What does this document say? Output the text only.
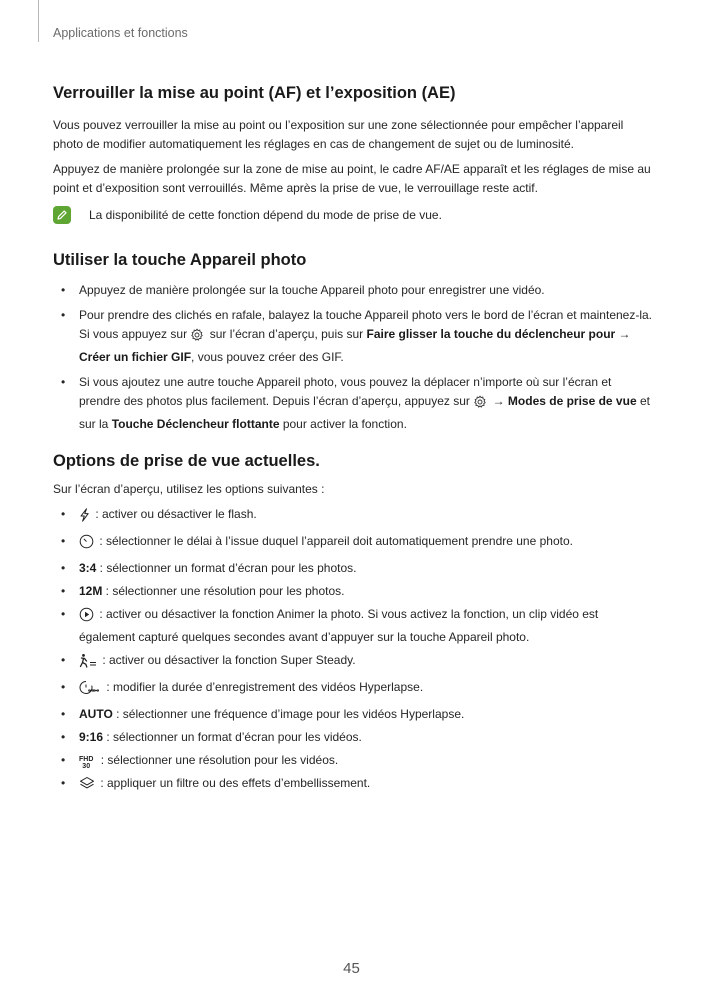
Applications et fonctions
Verrouiller la mise au point (AF) et l’exposition (AE)

Vous pouvez verrouiller la mise au point ou l’exposition sur une zone sélectionnée pour empêcher l’appareil photo de modifier automatiquement les réglages en cas de changement de sujet ou de luminosité.

Appuyez de manière prolongée sur la zone de mise au point, le cadre AF/AE apparaît et les réglages de mise au point et d’exposition sont verrouillés. Même après la prise de vue, le verrouillage reste actif.

La disponibilité de cette fonction dépend du mode de prise de vue.
Utiliser la touche Appareil photo
• Appuyez de manière prolongée sur la touche Appareil photo pour enregistrer une vidéo.
• Pour prendre des clichés en rafale, balayez la touche Appareil photo vers le bord de l’écran et maintenez-la. Si vous appuyez sur  sur l’écran d’aperçu, puis sur Faire glisser la touche du déclencheur pour → Créer un fichier GIF, vous pouvez créer des GIF.
• Si vous ajoutez une autre touche Appareil photo, vous pouvez la déplacer n’importe où sur l’écran et prendre des photos plus facilement. Depuis l’écran d’aperçu, appuyez sur  → Modes de prise de vue et sur la Touche Déclencheur flottante pour activer la fonction.
Options de prise de vue actuelles.

Sur l’écran d’aperçu, utilisez les options suivantes :

• : activer ou désactiver le flash.
• : sélectionner le délai à l’issue duquel l’appareil doit automatiquement prendre une photo.
• 3:4 : sélectionner un format d’écran pour les photos.
• 12M : sélectionner une résolution pour les photos.
• : activer ou désactiver la fonction Animer la photo. Si vous activez la fonction, un clip vidéo est également capturé quelques secondes avant d’appuyer sur la touche Appareil photo.
• : activer ou désactiver la fonction Super Steady.
• : modifier la durée d’enregistrement des vidéos Hyperlapse.
• AUTO : sélectionner une fréquence d’image pour les vidéos Hyperlapse.
• 9:16 : sélectionner un format d’écran pour les vidéos.
• FHD
30 : sélectionner une résolution pour les vidéos.
• : appliquer un filtre ou des effets d’embellissement.
45
